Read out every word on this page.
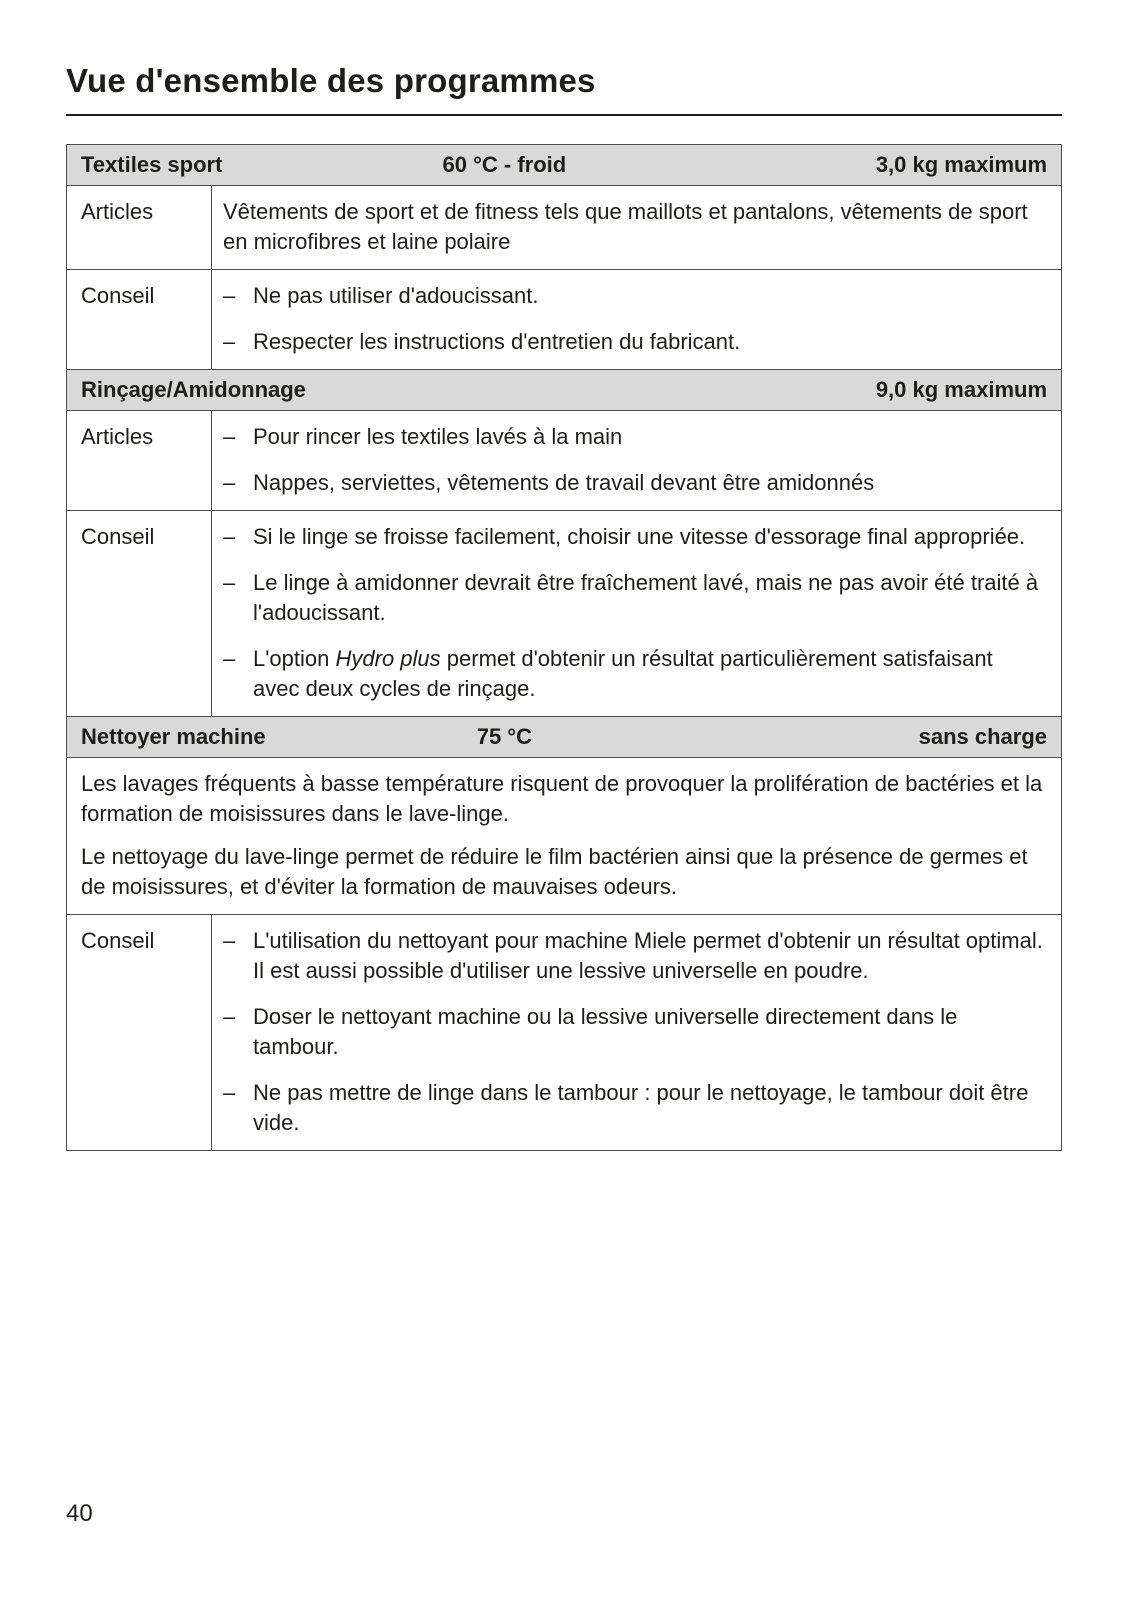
Vue d'ensemble des programmes
Textiles sport	60 °C - froid	3,0 kg maximum
Articles	Vêtements de sport et de fitness tels que maillots et pantalons, vêtements de sport en microfibres et laine polaire

Conseil	– Ne pas utiliser d'adoucissant.
– Respecter les instructions d'entretien du fabricant.
Rinçage/Amidonnage	9,0 kg maximum
Articles	– Pour rincer les textiles lavés à la main
– Nappes, serviettes, vêtements de travail devant être amidonnés
Conseil	– Si le linge se froisse facilement, choisir une vitesse d'essorage final appropriée.
– Le linge à amidonner devrait être fraîchement lavé, mais ne pas avoir été traité à l'adoucissant.
– L'option Hydro plus permet d'obtenir un résultat particulièrement satisfaisant avec deux cycles de rinçage.
Nettoyer machine	75 °C	sans charge

Les lavages fréquents à basse température risquent de provoquer la prolifération de bactéries et la formation de moisissures dans le lave-linge.

Le nettoyage du lave-linge permet de réduire le film bactérien ainsi que la présence de germes et de moisissures, et d'éviter la formation de mauvaises odeurs.

Conseil	– L'utilisation du nettoyant pour machine Miele permet d'obtenir un résultat optimal. Il est aussi possible d'utiliser une lessive universelle en poudre.
– Doser le nettoyant machine ou la lessive universelle directement dans le tambour.
– Ne pas mettre de linge dans le tambour : pour le nettoyage, le tambour doit être vide.
40
